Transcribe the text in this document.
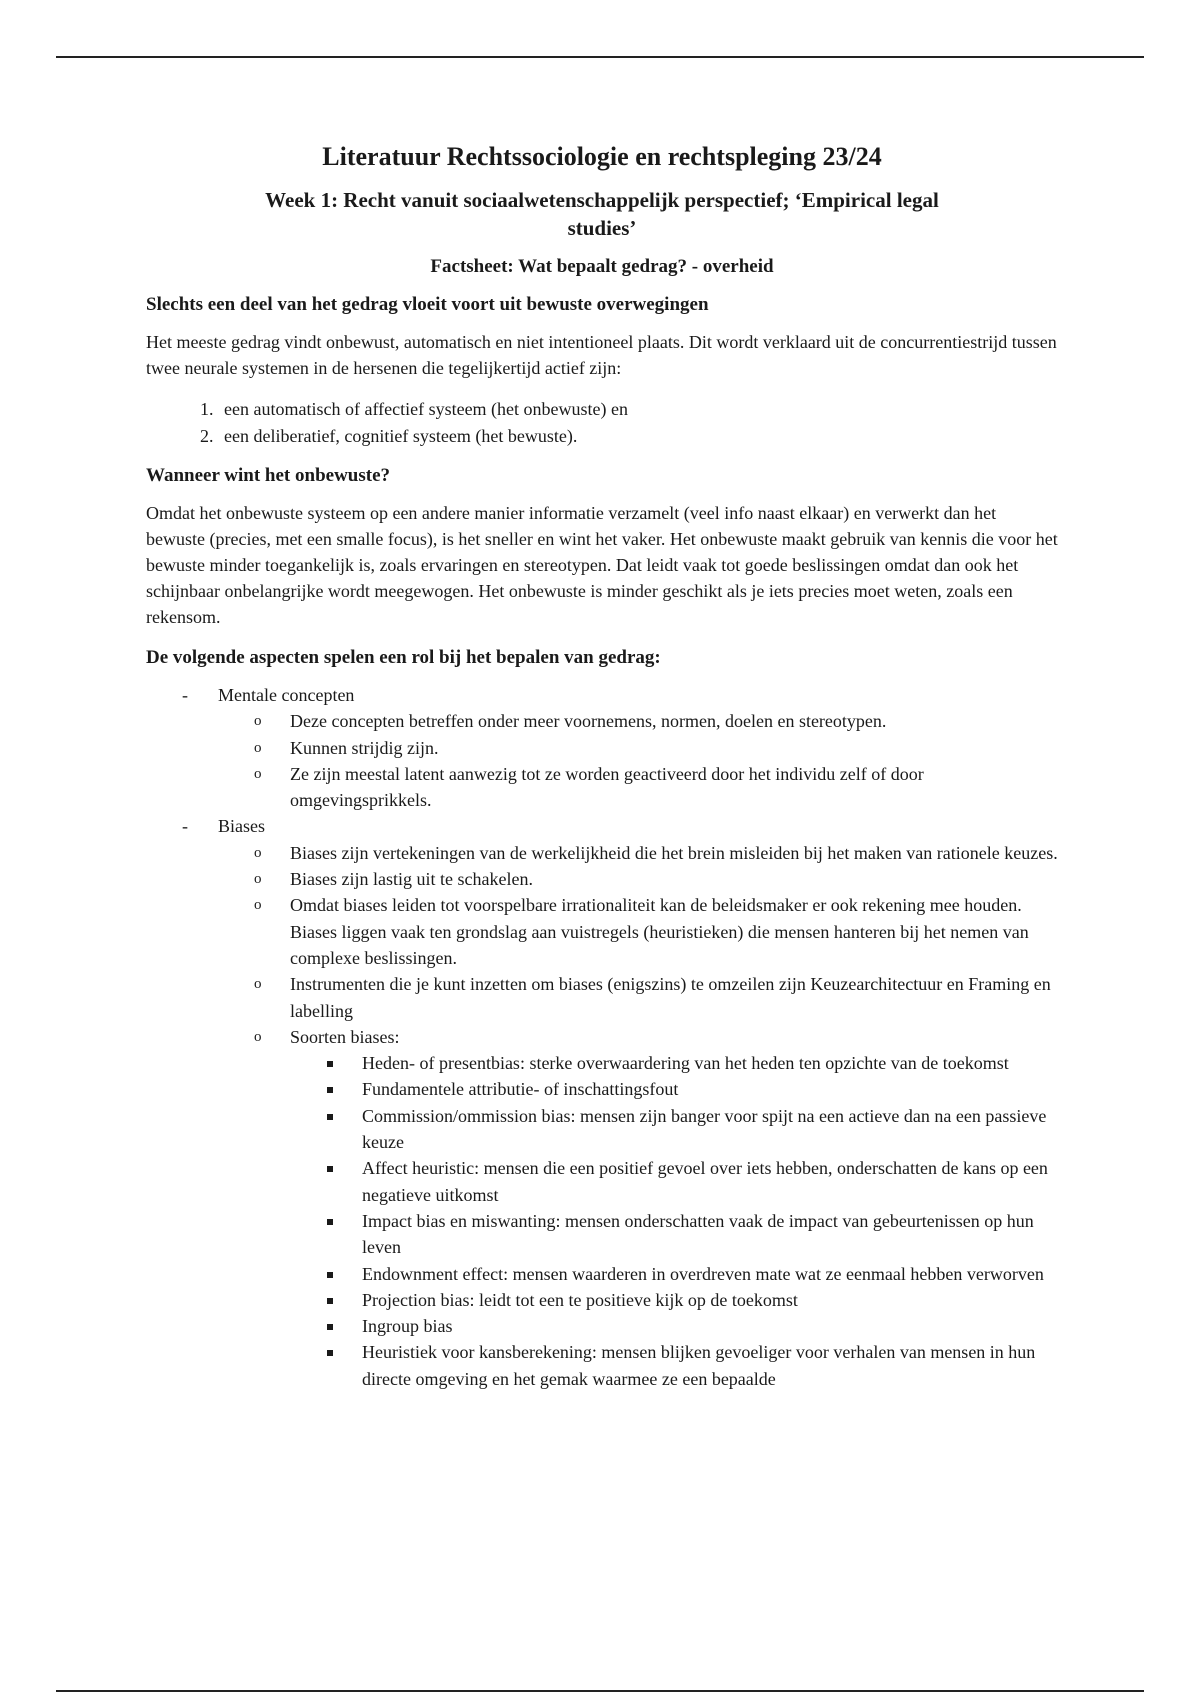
Literatuur Rechtssociologie en rechtspleging 23/24
Week 1: Recht vanuit sociaalwetenschappelijk perspectief; ‘Empirical legal studies’
Factsheet: Wat bepaalt gedrag? - overheid
Slechts een deel van het gedrag vloeit voort uit bewuste overwegingen
Het meeste gedrag vindt onbewust, automatisch en niet intentioneel plaats. Dit wordt verklaard uit de concurrentiestrijd tussen twee neurale systemen in de hersenen die tegelijkertijd actief zijn:
1. een automatisch of affectief systeem (het onbewuste) en
2. een deliberatief, cognitief systeem (het bewuste).
Wanneer wint het onbewuste?
Omdat het onbewuste systeem op een andere manier informatie verzamelt (veel info naast elkaar) en verwerkt dan het bewuste (precies, met een smalle focus), is het sneller en wint het vaker. Het onbewuste maakt gebruik van kennis die voor het bewuste minder toegankelijk is, zoals ervaringen en stereotypen. Dat leidt vaak tot goede beslissingen omdat dan ook het schijnbaar onbelangrijke wordt meegewogen. Het onbewuste is minder geschikt als je iets precies moet weten, zoals een rekensom.
De volgende aspecten spelen een rol bij het bepalen van gedrag:
- Mentale concepten
o Deze concepten betreffen onder meer voornemens, normen, doelen en stereotypen.
o Kunnen strijdig zijn.
o Ze zijn meestal latent aanwezig tot ze worden geactiveerd door het individu zelf of door omgevingsprikkels.
- Biases
o Biases zijn vertekeningen van de werkelijkheid die het brein misleiden bij het maken van rationele keuzes.
o Biases zijn lastig uit te schakelen.
o Omdat biases leiden tot voorspelbare irrationaliteit kan de beleidsmaker er ook rekening mee houden. Biases liggen vaak ten grondslag aan vuistregels (heuristieken) die mensen hanteren bij het nemen van complexe beslissingen.
o Instrumenten die je kunt inzetten om biases (enigszins) te omzeilen zijn Keuzearchitectuur en Framing en labelling
o Soorten biases:
Heden- of presentbias: sterke overwaardering van het heden ten opzichte van de toekomst
Fundamentele attributie- of inschattingsfout
Commission/ommission bias: mensen zijn banger voor spijt na een actieve dan na een passieve keuze
Affect heuristic: mensen die een positief gevoel over iets hebben, onderschatten de kans op een negatieve uitkomst
Impact bias en miswanting: mensen onderschatten vaak de impact van gebeurtenissen op hun leven
Endownment effect: mensen waarderen in overdreven mate wat ze eenmaal hebben verworven
Projection bias: leidt tot een te positieve kijk op de toekomst
Ingroup bias
Heuristiek voor kansberekening: mensen blijken gevoeliger voor verhalen van mensen in hun directe omgeving en het gemak waarmee ze een bepaalde
